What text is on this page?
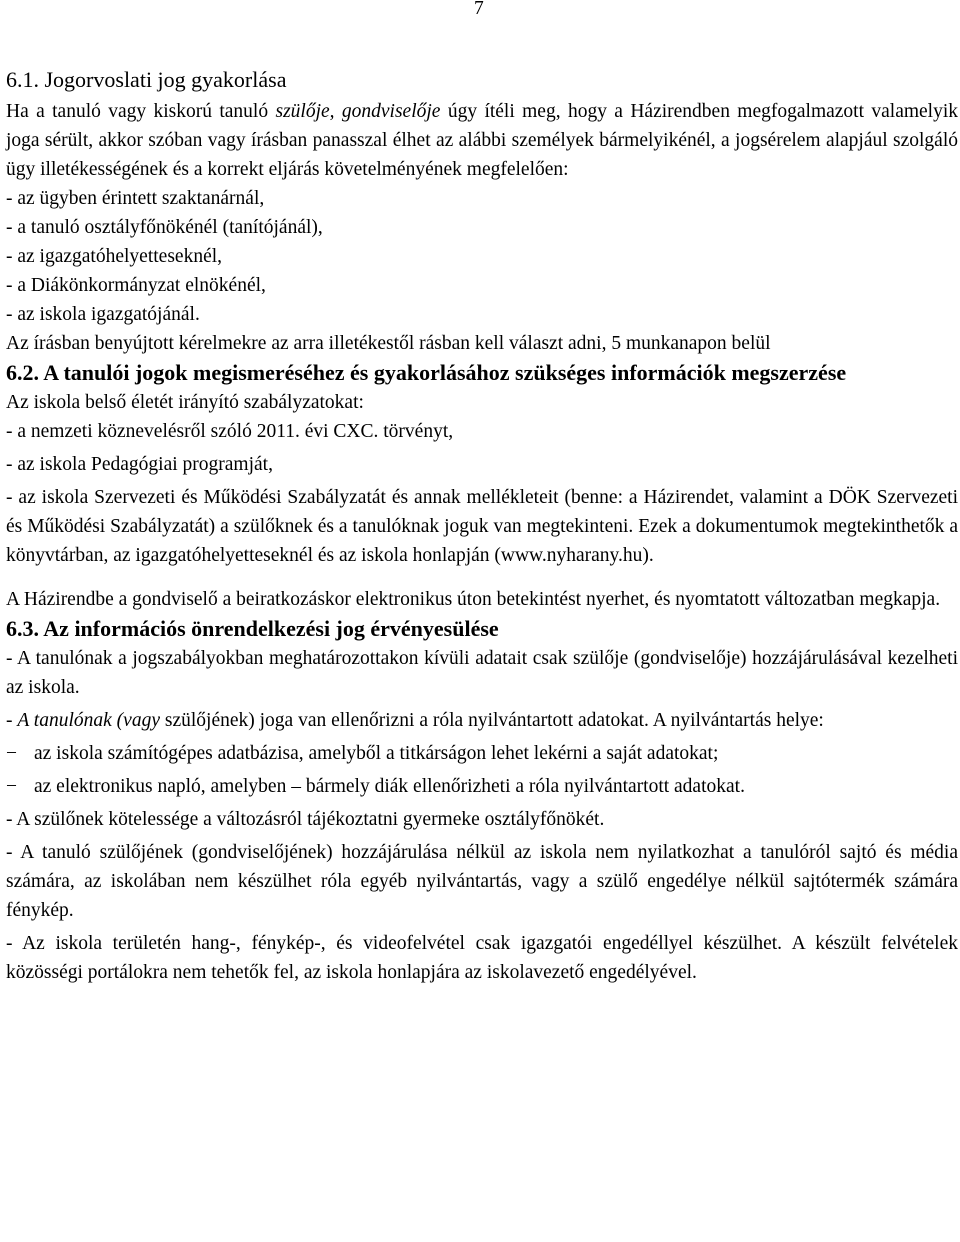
7

6.1. Jogorvoslati jog gyakorlása

Ha a tanuló vagy kiskorú tanuló szülője, gondviselője úgy ítéli meg, hogy a Házirendben megfogalmazott valamelyik joga sérült, akkor szóban vagy írásban panasszal élhet az alábbi személyek bármelyikénél, a jogsérelem alapjául szolgáló ügy illetékességének és a korrekt eljárás követelményének megfelelően:

- az ügyben érintett szaktanárnál,

- a tanuló osztályfőnökénél (tanítójánál),

- az igazgatóhelyetteseknél,

- a Diákönkormányzat elnökénél,

- az iskola igazgatójánál.

Az írásban benyújtott kérelmekre az arra illetékestől rásban kell választ adni, 5 munkanapon belül

6.2. A tanulói jogok megismeréséhez és gyakorlásához szükséges információk megszerzése

Az iskola belső életét irányító szabályzatokat:

- a nemzeti köznevelésről szóló 2011. évi CXC. törvényt,

- az iskola Pedagógiai programját,

- az iskola Szervezeti és Működési Szabályzatát és annak mellékleteit (benne: a Házirendet, valamint a DÖK Szervezeti és Működési Szabályzatát) a szülőknek és a tanulóknak joguk van megtekinteni. Ezek a dokumentumok megtekinthetők a könyvtárban, az igazgatóhelyetteseknél és az iskola honlapján (www.nyharany.hu).

A Házirendbe a gondviselő a beiratkozáskor elektronikus úton betekintést nyerhet, és nyomtatott változatban megkapja.

6.3. Az információs önrendelkezési jog érvényesülése

- A tanulónak a jogszabályokban meghatározottakon kívüli adatait csak szülője (gondviselője) hozzájárulásával kezelheti az iskola.

- A tanulónak (vagy szülőjének) joga van ellenőrizni a róla nyilvántartott adatokat. A nyilvántartás helye:

− az iskola számítógépes adatbázisa, amelyből a titkárságon lehet lekérni a saját adatokat;
− az elektronikus napló, amelyben – bármely diák ellenőrizheti a róla nyilvántartott adatokat.

- A szülőnek kötelessége a változásról tájékoztatni gyermeke osztályfőnökét.

- A tanuló szülőjének (gondviselőjének) hozzájárulása nélkül az iskola nem nyilatkozhat a tanulóról sajtó és média számára, az iskolában nem készülhet róla egyéb nyilvántartás, vagy a szülő engedélye nélkül sajtótermék számára fénykép.

- Az iskola területén hang-, fénykép-, és videofelvétel csak igazgatói engedéllyel készülhet. A készült felvételek közösségi portálokra nem tehetők fel, az iskola honlapjára az iskolavezető engedélyével.
